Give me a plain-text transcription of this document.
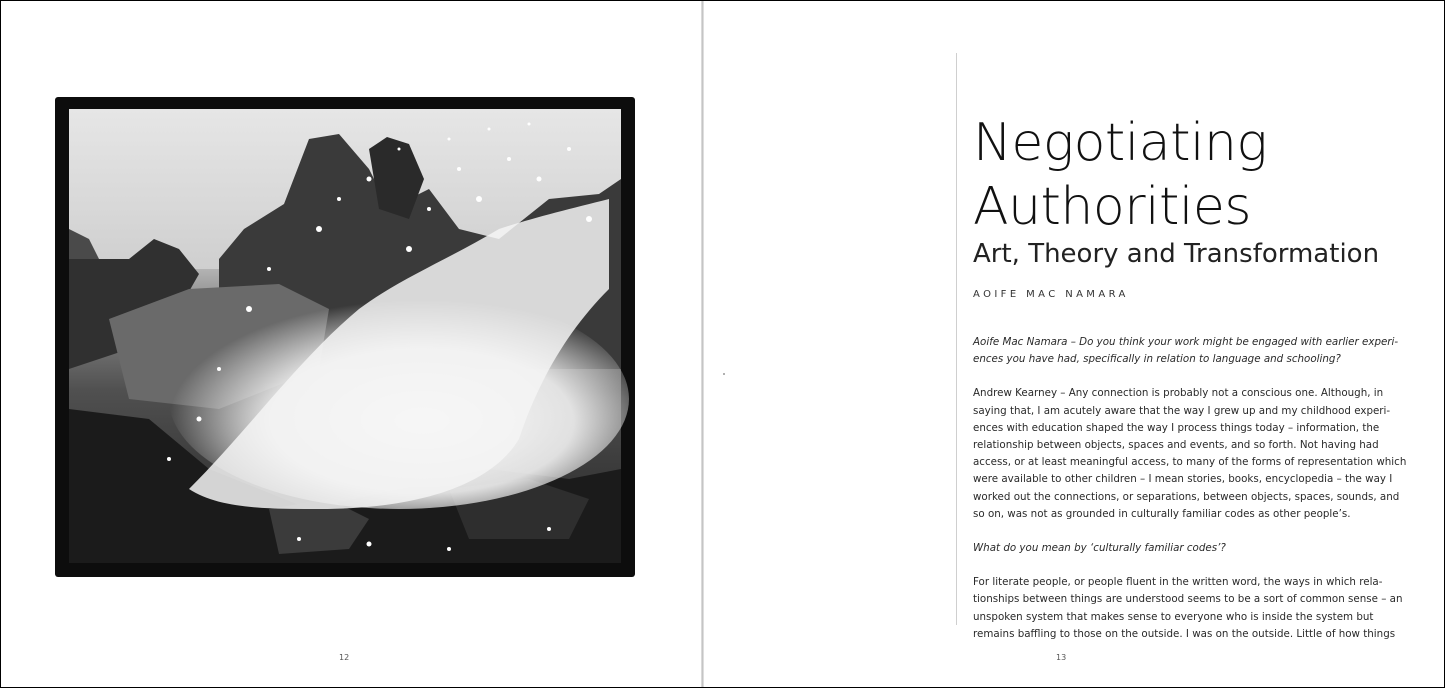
12
Negotiating
Authorities
Art, Theory and Transformation
AOIFE MAC NAMARA

Aoife Mac Namara – Do you think your work might be engaged with earlier experi-
ences you have had, specifically in relation to language and schooling?

Andrew Kearney – Any connection is probably not a conscious one. Although, in
saying that, I am acutely aware that the way I grew up and my childhood experi-
ences with education shaped the way I process things today – information, the
relationship between objects, spaces and events, and so forth. Not having had
access, or at least meaningful access, to many of the forms of representation which
were available to other children – I mean stories, books, encyclopedia – the way I
worked out the connections, or separations, between objects, spaces, sounds, and
so on, was not as grounded in culturally familiar codes as other people’s.

What do you mean by ‘culturally familiar codes’?

For literate people, or people fluent in the written word, the ways in which rela-
tionships between things are understood seems to be a sort of common sense – an
unspoken system that makes sense to everyone who is inside the system but
remains baffling to those on the outside. I was on the outside. Little of how things

13
